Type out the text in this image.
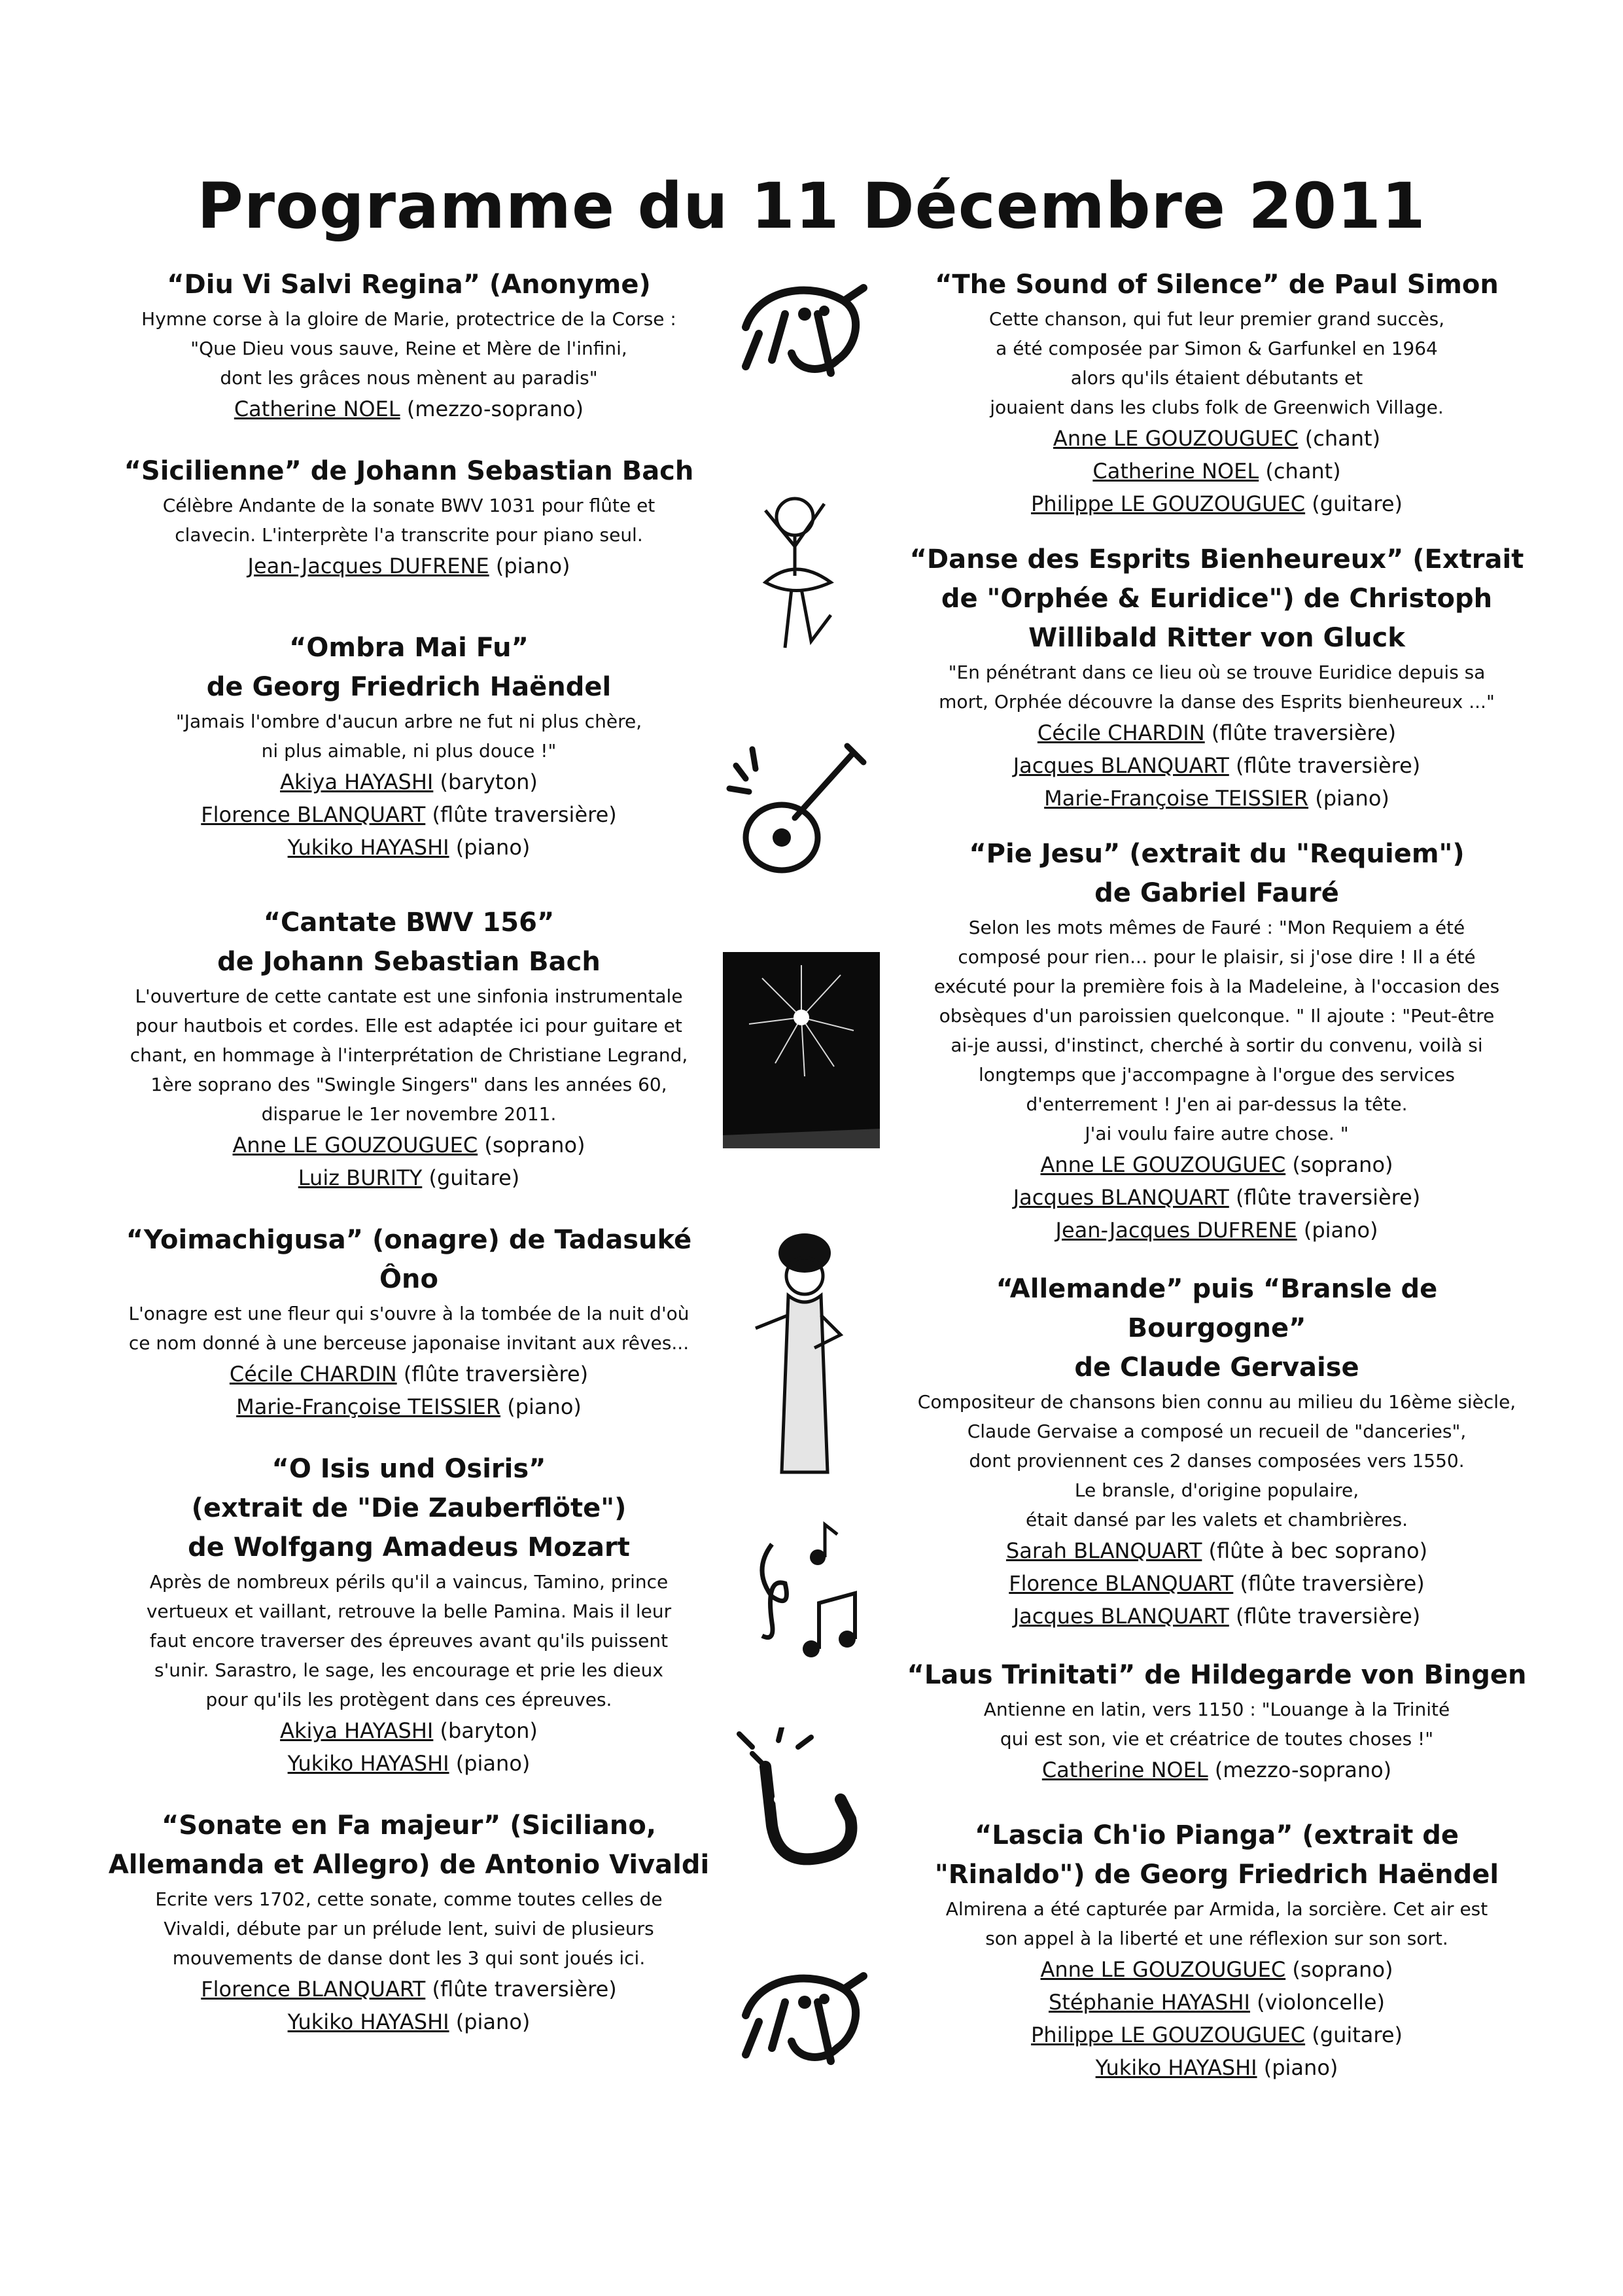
Programme du 11 Décembre 2011
“Diu Vi Salvi Regina” (Anonyme)
Hymne corse à la gloire de Marie, protectrice de la Corse :
"Que Dieu vous sauve, Reine et Mère de l'infini,
dont les grâces nous mènent au paradis"
Catherine NOEL (mezzo-soprano)
“Sicilienne” de Johann Sebastian Bach
Célèbre Andante de la sonate BWV 1031 pour flûte et
clavecin. L'interprète l'a transcrite pour piano seul.
Jean-Jacques DUFRENE (piano)
“Ombra Mai Fu”
de Georg Friedrich Haëndel
"Jamais l'ombre d'aucun arbre ne fut ni plus chère,
ni plus aimable, ni plus douce !"
Akiya HAYASHI (baryton)
Florence BLANQUART (flûte traversière)
Yukiko HAYASHI (piano)
“Cantate BWV 156”
de Johann Sebastian Bach
L'ouverture de cette cantate est une sinfonia instrumentale
pour hautbois et cordes. Elle est adaptée ici pour guitare et
chant, en hommage à l'interprétation de Christiane Legrand,
1ère soprano des "Swingle Singers" dans les années 60,
disparue le 1er novembre 2011.
Anne LE GOUZOUGUEC (soprano)
Luiz BURITY (guitare)
“Yoimachigusa” (onagre) de Tadasuké Ôno
L'onagre est une fleur qui s'ouvre à la tombée de la nuit d'où
ce nom donné à une berceuse japonaise invitant aux rêves...
Cécile CHARDIN (flûte traversière)
Marie-Françoise TEISSIER (piano)
“O Isis und Osiris”
(extrait de "Die Zauberflöte")
de Wolfgang Amadeus Mozart
Après de nombreux périls qu'il a vaincus, Tamino, prince
vertueux et vaillant, retrouve la belle Pamina. Mais il leur
faut encore traverser des épreuves avant qu'ils puissent
s'unir. Sarastro, le sage, les encourage et prie les dieux
pour qu'ils les protègent dans ces épreuves.
Akiya HAYASHI (baryton)
Yukiko HAYASHI (piano)
“Sonate en Fa majeur” (Siciliano,
Allemanda et Allegro) de Antonio Vivaldi
Ecrite vers 1702, cette sonate, comme toutes celles de
Vivaldi, débute par un prélude lent, suivi de plusieurs
mouvements de danse dont les 3 qui sont joués ici.
Florence BLANQUART (flûte traversière)
Yukiko HAYASHI (piano)
“The Sound of Silence” de Paul Simon
Cette chanson, qui fut leur premier grand succès,
a été composée par Simon & Garfunkel en 1964
alors qu'ils étaient débutants et
jouaient dans les clubs folk de Greenwich Village.
Anne LE GOUZOUGUEC (chant)
Catherine NOEL (chant)
Philippe LE GOUZOUGUEC (guitare)
“Danse des Esprits Bienheureux” (Extrait
de "Orphée & Euridice") de Christoph
Willibald Ritter von Gluck
"En pénétrant dans ce lieu où se trouve Euridice depuis sa
mort, Orphée découvre la danse des Esprits bienheureux ..."
Cécile CHARDIN (flûte traversière)
Jacques BLANQUART (flûte traversière)
Marie-Françoise TEISSIER (piano)
“Pie Jesu” (extrait du "Requiem")
de Gabriel Fauré
Selon les mots mêmes de Fauré : "Mon Requiem a été
composé pour rien... pour le plaisir, si j'ose dire ! Il a été
exécuté pour la première fois à la Madeleine, à l'occasion des
obsèques d'un paroissien quelconque. " Il ajoute : "Peut-être
ai-je aussi, d'instinct, cherché à sortir du convenu, voilà si
longtemps que j'accompagne à l'orgue des services
d'enterrement ! J'en ai par-dessus la tête.
J'ai voulu faire autre chose. "
Anne LE GOUZOUGUEC (soprano)
Jacques BLANQUART (flûte traversière)
Jean-Jacques DUFRENE (piano)
“Allemande” puis “Bransle de Bourgogne”
de Claude Gervaise
Compositeur de chansons bien connu au milieu du 16ème siècle,
Claude Gervaise a composé un recueil de "danceries",
dont proviennent ces 2 danses composées vers 1550.
Le bransle, d'origine populaire,
était dansé par les valets et chambrières.
Sarah BLANQUART (flûte à bec soprano)
Florence BLANQUART (flûte traversière)
Jacques BLANQUART (flûte traversière)
“Laus Trinitati” de Hildegarde von Bingen
Antienne en latin, vers 1150 : "Louange à la Trinité
qui est son, vie et créatrice de toutes choses !"
Catherine NOEL (mezzo-soprano)
“Lascia Ch'io Pianga” (extrait de
"Rinaldo") de Georg Friedrich Haëndel
Almirena a été capturée par Armida, la sorcière. Cet air est
son appel à la liberté et une réflexion sur son sort.
Anne LE GOUZOUGUEC (soprano)
Stéphanie HAYASHI (violoncelle)
Philippe LE GOUZOUGUEC (guitare)
Yukiko HAYASHI (piano)
